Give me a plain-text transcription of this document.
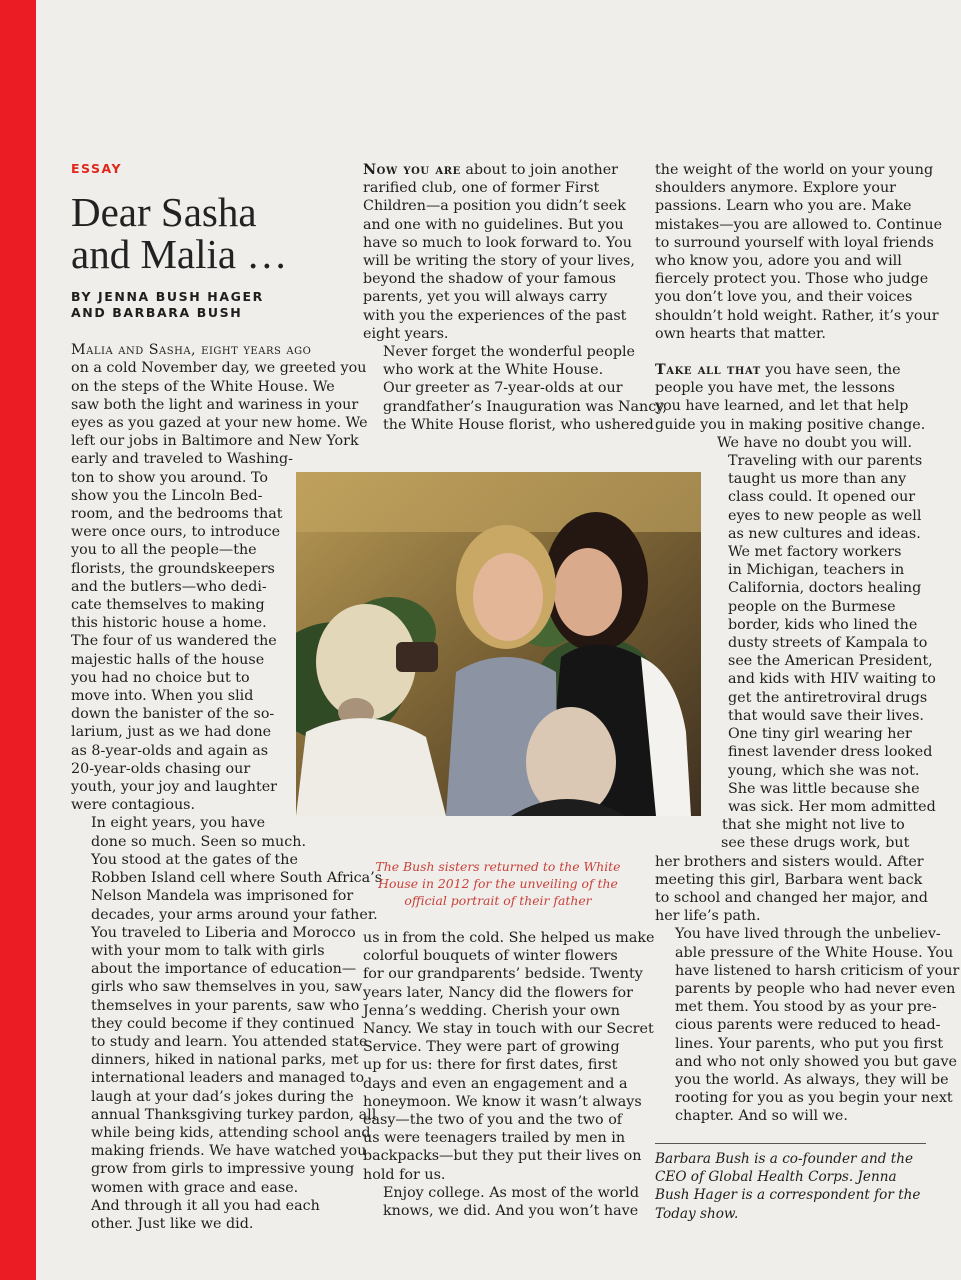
ESSAY
Dear Sasha
and Malia …
BY JENNA BUSH HAGER
AND BARBARA BUSH

Malia and Sasha, eight years ago

on a cold November day, we greeted you
on the steps of the White House. We
saw both the light and wariness in your
eyes as you gazed at your new home. We
left our jobs in Baltimore and New York
early and traveled to Washing-
ton to show you around. To
show you the Lincoln Bed-
room, and the bedrooms that
were once ours, to introduce
you to all the people—the
florists, the groundskeepers
and the butlers—who dedi-
cate themselves to making
this historic house a home.
The four of us wandered the
majestic halls of the house
you had no choice but to
move into. When you slid
down the banister of the so-
larium, just as we had done
as 8-year-olds and again as
20-year-olds chasing our
youth, your joy and laughter
were contagious.

In eight years, you have
done so much. Seen so much.
You stood at the gates of the
Robben Island cell where South Africa’s
Nelson Mandela was imprisoned for
decades, your arms around your father.
You traveled to Liberia and Morocco
with your mom to talk with girls
about the importance of education—
girls who saw themselves in you, saw
themselves in your parents, saw who
they could become if they continued
to study and learn. You attended state
dinners, hiked in national parks, met
international leaders and managed to
laugh at your dad’s jokes during the
annual Thanksgiving turkey pardon, all
while being kids, attending school and
making friends. We have watched you
grow from girls to impressive young
women with grace and ease.

And through it all you had each
other. Just like we did.

Now you are about to join another

rarified club, one of former First
Children—a position you didn’t seek
and one with no guidelines. But you
have so much to look forward to. You
will be writing the story of your lives,
beyond the shadow of your famous
parents, yet you will always carry
with you the experiences of the past
eight years.

Never forget the wonderful people
who work at the White House.
Our greeter as 7-year-olds at our
grandfather’s Inauguration was Nancy,
the White House florist, who ushered

us in from the cold. She helped us make
colorful bouquets of winter flowers
for our grandparents’ bedside. Twenty
years later, Nancy did the flowers for
Jenna’s wedding. Cherish your own
Nancy. We stay in touch with our Secret
Service. They were part of growing
up for us: there for first dates, first
days and even an engagement and a
honeymoon. We know it wasn’t always
easy—the two of you and the two of
us were teenagers trailed by men in
backpacks—but they put their lives on
hold for us.

Enjoy college. As most of the world
knows, we did. And you won’t have

the weight of the world on your young
shoulders anymore. Explore your
passions. Learn who you are. Make
mistakes—you are allowed to. Continue
to surround yourself with loyal friends
who know you, adore you and will
fiercely protect you. Those who judge
you don’t love you, and their voices
shouldn’t hold weight. Rather, it’s your
own hearts that matter.

Take all that you have seen, the

people you have met, the lessons
you have learned, and let that help
guide you in making positive change.

We have no doubt you will.
Traveling with our parents
taught us more than any
class could. It opened our
eyes to new people as well
as new cultures and ideas.
We met factory workers
in Michigan, teachers in
California, doctors healing
people on the Burmese
border, kids who lined the
dusty streets of Kampala to
see the American President,
and kids with HIV waiting to
get the antiretroviral drugs
that would save their lives.
One tiny girl wearing her
finest lavender dress looked
young, which she was not.
She was little because she
was sick. Her mom admitted
that she might not live to
see these drugs work, but
her brothers and sisters would. After
meeting this girl, Barbara went back
to school and changed her major, and
her life’s path.

You have lived through the unbeliev-
able pressure of the White House. You
have listened to harsh criticism of your
parents by people who had never even
met them. You stood by as your pre-
cious parents were reduced to head-
lines. Your parents, who put you first
and who not only showed you but gave
you the world. As always, they will be
rooting for you as you begin your next
chapter. And so will we.

The Bush sisters returned to the White
House in 2012 for the unveiling of the
official portrait of their father

Barbara Bush is a co-founder and the
CEO of Global Health Corps. Jenna
Bush Hager is a correspondent for the
Today show.
